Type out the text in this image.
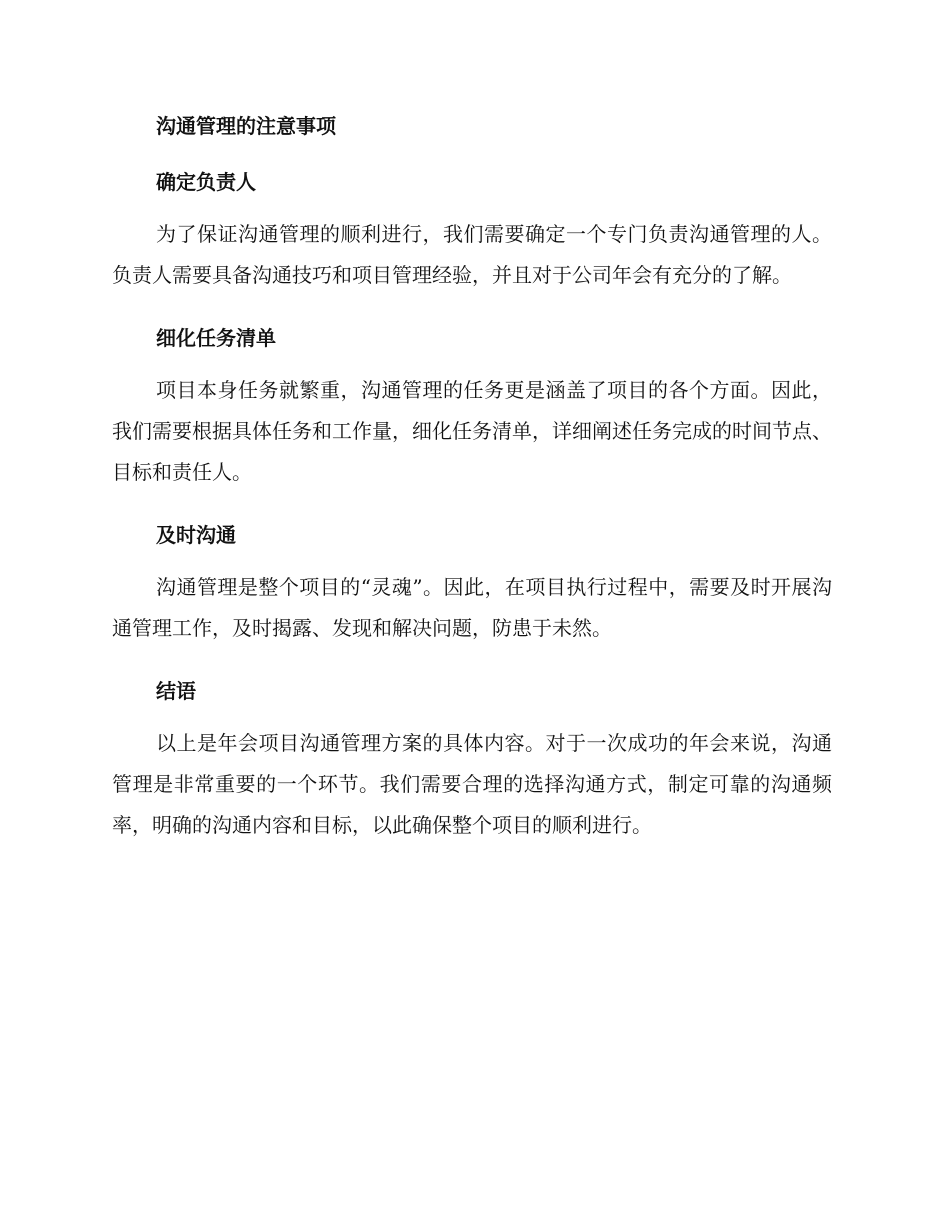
沟通管理的注意事项
确定负责人

为了保证沟通管理的顺利进行，我们需要确定一个专门负责沟通管理的人。负责人需要具备沟通技巧和项目管理经验，并且对于公司年会有充分的了解。

细化任务清单

项目本身任务就繁重，沟通管理的任务更是涵盖了项目的各个方面。因此，我们需要根据具体任务和工作量，细化任务清单，详细阐述任务完成的时间节点、目标和责任人。

及时沟通

沟通管理是整个项目的“灵魂”。因此，在项目执行过程中，需要及时开展沟通管理工作，及时揭露、发现和解决问题，防患于未然。

结语

以上是年会项目沟通管理方案的具体内容。对于一次成功的年会来说，沟通管理是非常重要的一个环节。我们需要合理的选择沟通方式，制定可靠的沟通频率，明确的沟通内容和目标，以此确保整个项目的顺利进行。
